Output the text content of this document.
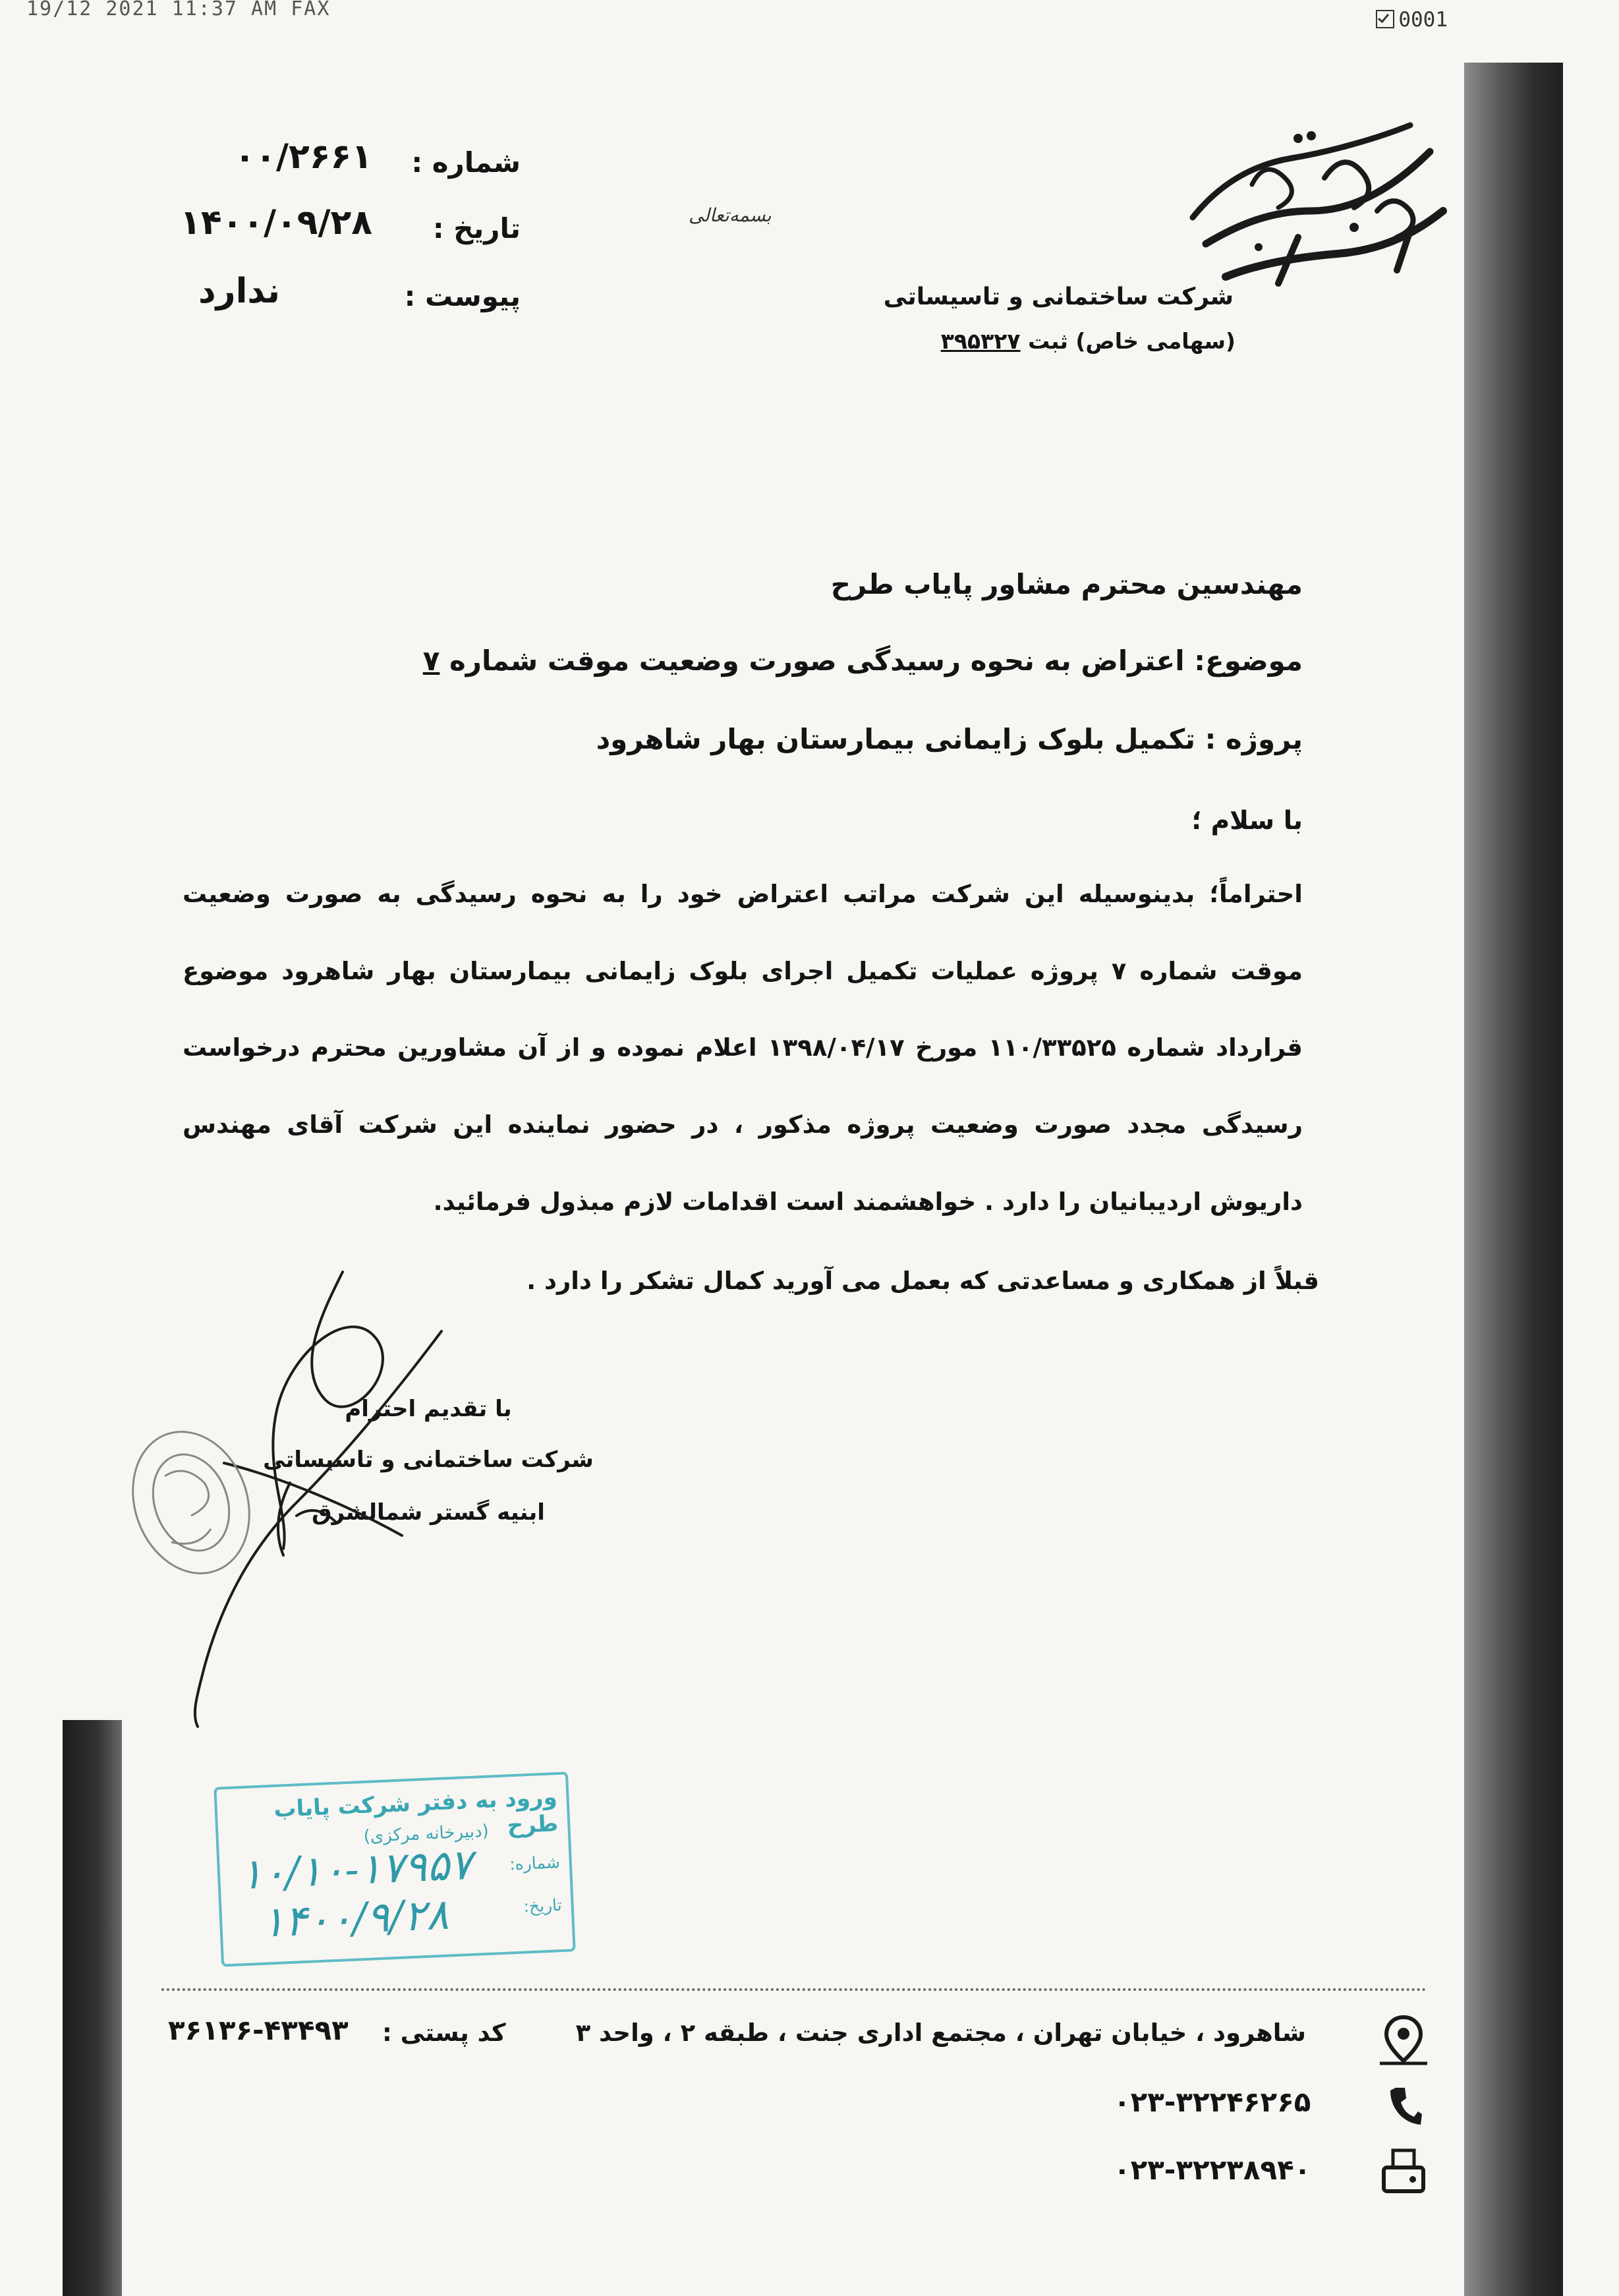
19/12 2021 11:37 AM FAX	0001
شماره :
۰۰/۲۶۶۱
تاریخ :
۱۴۰۰/۰۹/۲۸
پیوست :
ندارد
بسمه‌تعالی
شرکت ساختمانی و تاسیساتی
(سهامی خاص) ثبت ۳۹۵۳۲۷
مهندسین محترم مشاور پایاب طرح
موضوع: اعتراض به نحوه رسیدگی صورت وضعیت موقت شماره ۷
پروژه : تکمیل بلوک زایمانی بیمارستان بهار شاهرود
با سلام ؛
احتراماً؛ بدینوسیله این شرکت مراتب اعتراض خود را به نحوه رسیدگی به صورت وضعیت
موقت شماره ۷ پروژه عملیات تکمیل اجرای بلوک زایمانی بیمارستان بهار شاهرود موضوع
قرارداد شماره ۱۱۰/۳۳۵۲۵ مورخ ۱۳۹۸/۰۴/۱۷ اعلام نموده و از آن مشاورین محترم درخواست
رسیدگی مجدد صورت وضعیت پروژه مذکور ، در حضور نماینده این شرکت آقای مهندس
داریوش اردیبانیان را دارد . خواهشمند است اقدامات لازم مبذول فرمائید.
قبلاً از همکاری و مساعدتی که بعمل می آورید کمال تشکر را دارد .
با تقدیم احترام
شرکت ساختمانی و تاسیساتی
ابنیه گستر شمالشرق
ورود به دفتر شرکت پایاب طرح
(دبیرخانه مرکزی)
شماره:
۱۰/۱۰-۱۷۹۵۷
تاریخ:
۱۴۰۰/۹/۲۸
شاهرود ، خیابان تهران ، مجتمع اداری جنت ، طبقه ۲ ، واحد ۳
کد پستی :
۳۶۱۳۶-۴۳۴۹۳
۰۲۳-۳۲۲۴۶۲۶۵
۰۲۳-۳۲۲۳۸۹۴۰
